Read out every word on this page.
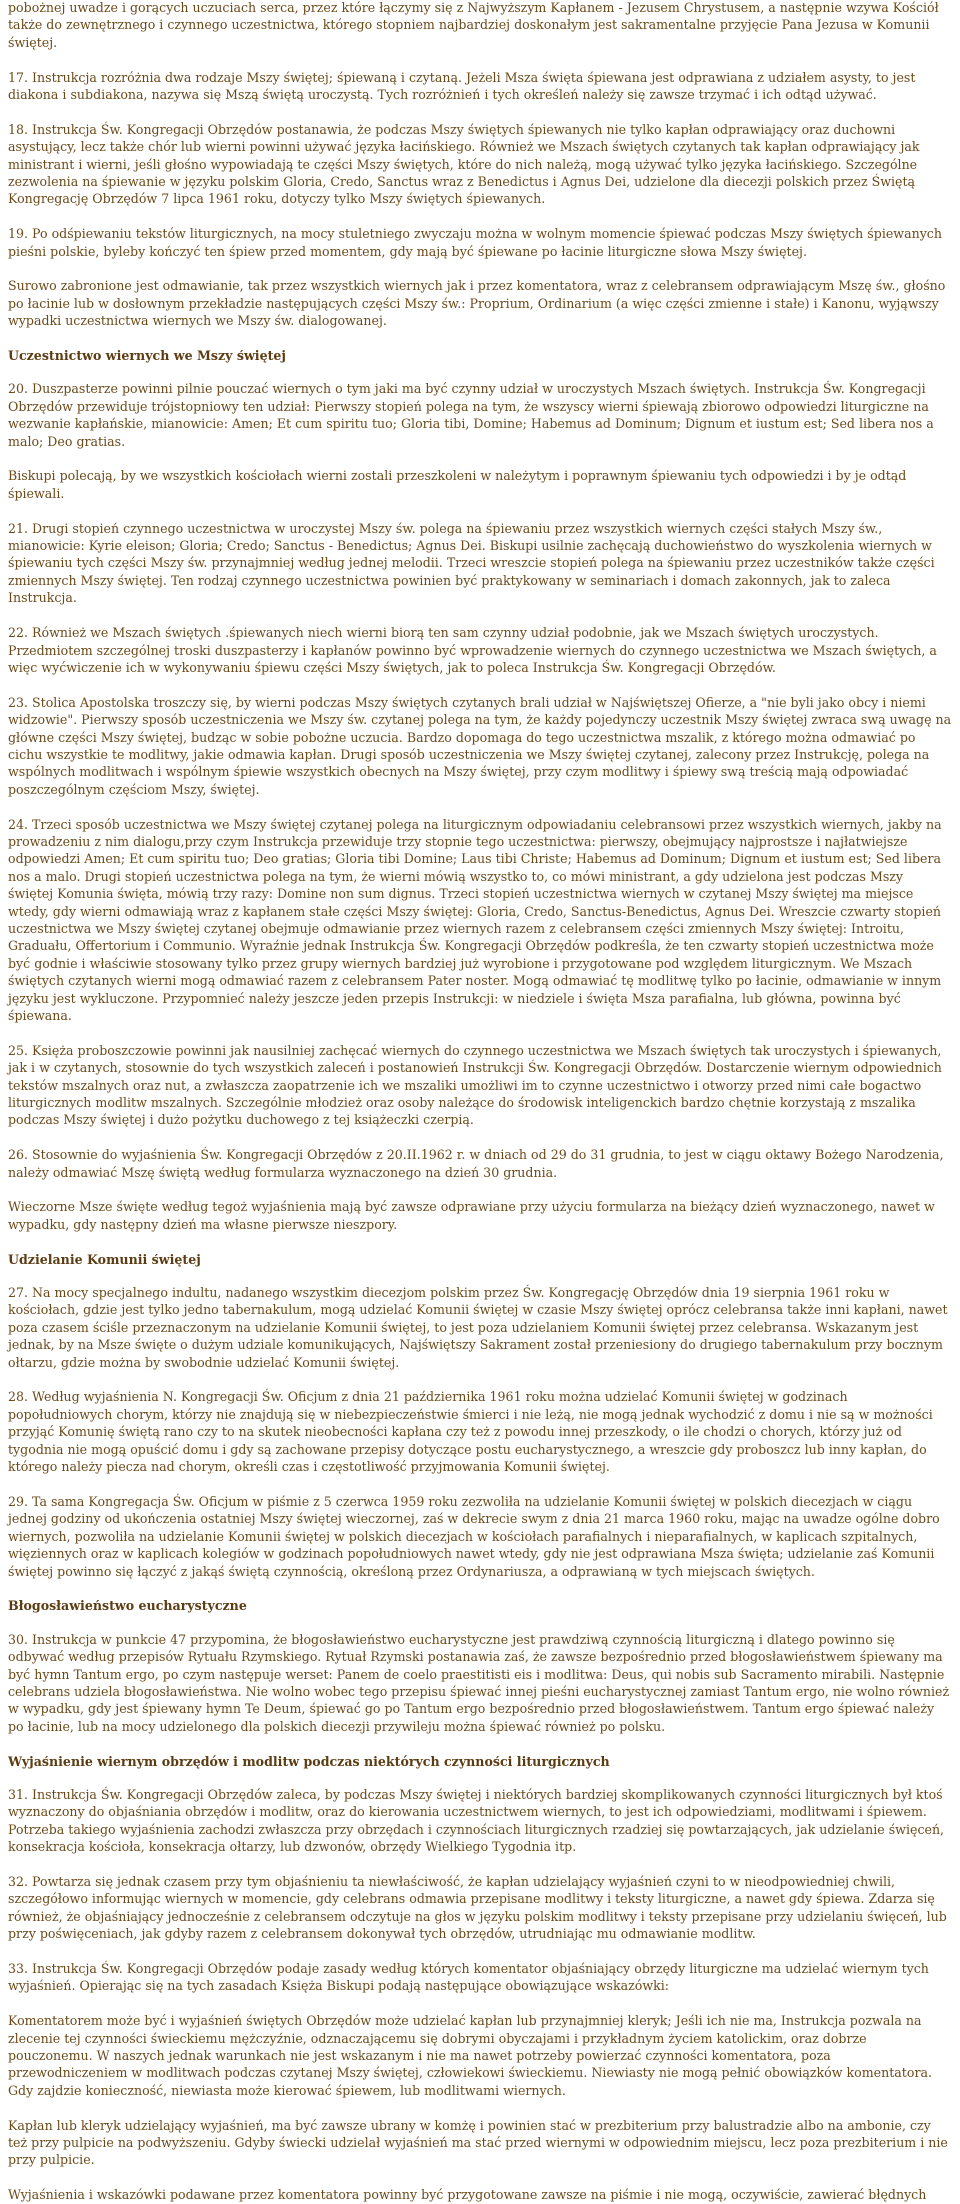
pobożnej uwadze i gorących uczuciach serca, przez które łączymy się z Najwyższym Kapłanem - Jezusem Chrystusem, a następnie wzywa Kościół także do zewnętrznego i czynnego uczestnictwa, którego stopniem najbardziej doskonałym jest sakramentalne przyjęcie Pana Jezusa w Komunii świętej.
17. Instrukcja rozróżnia dwa rodzaje Mszy świętej; śpiewaną i czytaną. Jeżeli Msza święta śpiewana jest odprawiana z udziałem asysty, to jest diakona i subdiakona, nazywa się Mszą świętą uroczystą. Tych rozróżnień i tych określeń należy się zawsze trzymać i ich odtąd używać.
18. Instrukcja Św. Kongregacji Obrzędów postanawia, że podczas Mszy świętych śpiewanych nie tylko kapłan odprawiający oraz duchowni asystujący, lecz także chór lub wierni powinni używać języka łacińskiego. Również we Mszach świętych czytanych tak kapłan odprawiający jak ministrant i wierni, jeśli głośno wypowiadają te części Mszy świętych, które do nich należą, mogą używać tylko języka łacińskiego. Szczególne zezwolenia na śpiewanie w języku polskim Gloria, Credo, Sanctus wraz z Benedictus i Agnus Dei, udzielone dla diecezji polskich przez Świętą Kongregację Obrzędów 7 lipca 1961 roku, dotyczy tylko Mszy świętych śpiewanych.
19. Po odśpiewaniu tekstów liturgicznych, na mocy stuletniego zwyczaju można w wolnym momencie śpiewać podczas Mszy świętych śpiewanych pieśni polskie, byleby kończyć ten śpiew przed momentem, gdy mają być śpiewane po łacinie liturgiczne słowa Mszy świętej.
Surowo zabronione jest odmawianie, tak przez wszystkich wiernych jak i przez komentatora, wraz z celebransem odprawiającym Mszę św., głośno po łacinie lub w dosłownym przekładzie następujących części Mszy św.: Proprium, Ordinarium (a więc części zmienne i stałe) i Kanonu, wyjąwszy wypadki uczestnictwa wiernych we Mszy św. dialogowanej.
Uczestnictwo wiernych we Mszy świętej
20. Duszpasterze powinni pilnie pouczać wiernych o tym jaki ma być czynny udział w uroczystych Mszach świętych. Instrukcja Św. Kongregacji Obrzędów przewiduje trójstopniowy ten udział: Pierwszy stopień polega na tym, że wszyscy wierni śpiewają zbiorowo odpowiedzi liturgiczne na wezwanie kapłańskie, mianowicie: Amen; Et cum spiritu tuo; Gloria tibi, Domine; Habemus ad Dominum; Dignum et iustum est; Sed libera nos a malo; Deo gratias.
Biskupi polecają, by we wszystkich kościołach wierni zostali przeszkoleni w należytym i poprawnym śpiewaniu tych odpowiedzi i by je odtąd śpiewali.
21. Drugi stopień czynnego uczestnictwa w uroczystej Mszy św. polega na śpiewaniu przez wszystkich wiernych części stałych Mszy św., mianowicie: Kyrie eleison; Gloria; Credo; Sanctus - Benedictus; Agnus Dei. Biskupi usilnie zachęcają duchowieństwo do wyszkolenia wiernych w śpiewaniu tych części Mszy św. przynajmniej według jednej melodii. Trzeci wreszcie stopień polega na śpiewaniu przez uczestników także części zmiennych Mszy świętej. Ten rodzaj czynnego uczestnictwa powinien być praktykowany w seminariach i domach zakonnych, jak to zaleca Instrukcja.
22. Również we Mszach świętych .śpiewanych niech wierni biorą ten sam czynny udział podobnie, jak we Mszach świętych uroczystych. Przedmiotem szczególnej troski duszpasterzy i kapłanów powinno być wprowadzenie wiernych do czynnego uczestnictwa we Mszach świętych, a więc wyćwiczenie ich w wykonywaniu śpiewu części Mszy świętych, jak to poleca Instrukcja Św. Kongregacji Obrzędów.
23. Stolica Apostolska troszczy się, by wierni podczas Mszy świętych czytanych brali udział w Najświętszej Ofierze, a "nie byli jako obcy i niemi widzowie". Pierwszy sposób uczestniczenia we Mszy św. czytanej polega na tym, że każdy pojedynczy uczestnik Mszy świętej zwraca swą uwagę na główne części Mszy świętej, budząc w sobie pobożne uczucia. Bardzo dopomaga do tego uczestnictwa mszalik, z którego można odmawiać po cichu wszystkie te modlitwy, jakie odmawia kapłan. Drugi sposób uczestniczenia we Mszy świętej czytanej, zalecony przez Instrukcję, polega na wspólnych modlitwach i wspólnym śpiewie wszystkich obecnych na Mszy świętej, przy czym modlitwy i śpiewy swą treścią mają odpowiadać poszczególnym częściom Mszy, świętej.
24. Trzeci sposób uczestnictwa we Mszy świętej czytanej polega na liturgicznym odpowiadaniu celebransowi przez wszystkich wiernych, jakby na prowadzeniu z nim dialogu,przy czym Instrukcja przewiduje trzy stopnie tego uczestnictwa: pierwszy, obejmujący najprostsze i najłatwiejsze odpowiedzi Amen; Et cum spiritu tuo; Deo gratias; Gloria tibi Domine; Laus tibi Christe; Habemus ad Dominum; Dignum et iustum est; Sed libera nos a malo. Drugi stopień uczestnictwa polega na tym, że wierni mówią wszystko to, co mówi ministrant, a gdy udzielona jest podczas Mszy świętej Komunia święta, mówią trzy razy: Domine non sum dignus. Trzeci stopień uczestnictwa wiernych w czytanej Mszy świętej ma miejsce wtedy, gdy wierni odmawiają wraz z kapłanem stałe części Mszy świętej: Gloria, Credo, Sanctus-Benedictus, Agnus Dei. Wreszcie czwarty stopień uczestnictwa we Mszy świętej czytanej obejmuje odmawianie przez wiernych razem z celebransem części zmiennych Mszy świętej: Introitu, Graduału, Offertorium i Communio. Wyraźnie jednak Instrukcja Św. Kongregacji Obrzędów podkreśla, że ten czwarty stopień uczestnictwa może być godnie i właściwie stosowany tylko przez grupy wiernych bardziej już wyrobione i przygotowane pod względem liturgicznym. We Mszach świętych czytanych wierni mogą odmawiać razem z celebransem Pater noster. Mogą odmawiać tę modlitwę tylko po łacinie, odmawianie w innym języku jest wykluczone. Przypomnieć należy jeszcze jeden przepis Instrukcji: w niedziele i święta Msza parafialna, lub główna, powinna być śpiewana.
25. Księża proboszczowie powinni jak nausilniej zachęcać wiernych do czynnego uczestnictwa we Mszach świętych tak uroczystych i śpiewanych, jak i w czytanych, stosownie do tych wszystkich zaleceń i postanowień Instrukcji Św. Kongregacji Obrzędów. Dostarczenie wiernym odpowiednich tekstów mszalnych oraz nut, a zwłaszcza zaopatrzenie ich we mszaliki umożliwi im to czynne uczestnictwo i otworzy przed nimi całe bogactwo liturgicznych modlitw mszalnych. Szczególnie młodzież oraz osoby należące do środowisk inteligenckich bardzo chętnie korzystają z mszalika podczas Mszy świętej i dużo pożytku duchowego z tej książeczki czerpią.
26. Stosownie do wyjaśnienia Św. Kongregacji Obrzędów z 20.II.1962 r. w dniach od 29 do 31 grudnia, to jest w ciągu oktawy Bożego Narodzenia, należy odmawiać Mszę świętą według formularza wyznaczonego na dzień 30 grudnia.
Wieczorne Msze święte według tegoż wyjaśnienia mają być zawsze odprawiane przy użyciu formularza na bieżący dzień wyznaczonego, nawet w wypadku, gdy następny dzień ma własne pierwsze nieszpory.
Udzielanie Komunii świętej
27. Na mocy specjalnego indultu, nadanego wszystkim diecezjom polskim przez Św. Kongregację Obrzędów dnia 19 sierpnia 1961 roku w kościołach, gdzie jest tylko jedno tabernakulum, mogą udzielać Komunii świętej w czasie Mszy świętej oprócz celebransa także inni kapłani, nawet poza czasem ściśle przeznaczonym na udzielanie Komunii świętej, to jest poza udzielaniem Komunii świętej przez celebransa. Wskazanym jest jednak, by na Msze święte o dużym udziale komunikujących, Najświętszy Sakrament został przeniesiony do drugiego tabernakulum przy bocznym ołtarzu, gdzie można by swobodnie udzielać Komunii świętej.
28. Według wyjaśnienia N. Kongregacji Św. Oficjum z dnia 21 października 1961 roku można udzielać Komunii świętej w godzinach popołudniowych chorym, którzy nie znajdują się w niebezpieczeństwie śmierci i nie leżą, nie mogą jednak wychodzić z domu i nie są w możności przyjąć Komunię świętą rano czy to na skutek nieobecności kapłana czy też z powodu innej przeszkody, o ile chodzi o chorych, którzy już od tygodnia nie mogą opuścić domu i gdy są zachowane przepisy dotyczące postu eucharystycznego, a wreszcie gdy proboszcz lub inny kapłan, do którego należy piecza nad chorym, określi czas i częstotliwość przyjmowania Komunii świętej.
29. Ta sama Kongregacja Św. Oficjum w piśmie z 5 czerwca 1959 roku zezwoliła na udzielanie Komunii świętej w polskich diecezjach w ciągu jednej godziny od ukończenia ostatniej Mszy świętej wieczornej, zaś w dekrecie swym z dnia 21 marca 1960 roku, mając na uwadze ogólne dobro wiernych, pozwoliła na udzielanie Komunii świętej w polskich diecezjach w kościołach parafialnych i nieparafialnych, w kaplicach szpitalnych, więziennych oraz w kaplicach kolegiów w godzinach popołudniowych nawet wtedy, gdy nie jest odprawiana Msza święta; udzielanie zaś Komunii świętej powinno się łączyć z jakąś świętą czynnością, określoną przez Ordynariusza, a odprawianą w tych miejscach świętych.
Błogosławieństwo eucharystyczne
30. Instrukcja w punkcie 47 przypomina, że błogosławieństwo eucharystyczne jest prawdziwą czynnością liturgiczną i dlatego powinno się odbywać według przepisów Rytuału Rzymskiego. Rytuał Rzymski postanawia zaś, że zawsze bezpośrednio przed błogosławieństwem śpiewany ma być hymn Tantum ergo, po czym następuje werset: Panem de coelo praestitisti eis i modlitwa: Deus, qui nobis sub Sacramento mirabili. Następnie celebrans udziela błogosławieństwa. Nie wolno wobec tego przepisu śpiewać innej pieśni eucharystycznej zamiast Tantum ergo, nie wolno również w wypadku, gdy jest śpiewany hymn Te Deum, śpiewać go po Tantum ergo bezpośrednio przed błogosławieństwem. Tantum ergo śpiewać należy po łacinie, lub na mocy udzielonego dla polskich diecezji przywileju można śpiewać również po polsku.
Wyjaśnienie wiernym obrzędów i modlitw podczas niektórych czynności liturgicznych
31. Instrukcja Św. Kongregacji Obrzędów zaleca, by podczas Mszy świętej i niektórych bardziej skomplikowanych czynności liturgicznych był ktoś wyznaczony do objaśniania obrzędów i modlitw, oraz do kierowania uczestnictwem wiernych, to jest ich odpowiedziami, modlitwami i śpiewem. Potrzeba takiego wyjaśnienia zachodzi zwłaszcza przy obrzędach i czynnościach liturgicznych rzadziej się powtarzających, jak udzielanie święceń, konsekracja kościoła, konsekracja ołtarzy, lub dzwonów, obrzędy Wielkiego Tygodnia itp.
32. Powtarza się jednak czasem przy tym objaśnieniu ta niewłaściwość, że kapłan udzielający wyjaśnień czyni to w nieodpowiedniej chwili, szczegółowo informując wiernych w momencie, gdy celebrans odmawia przepisane modlitwy i teksty liturgiczne, a nawet gdy śpiewa. Zdarza się również, że objaśniający jednocześnie z celebransem odczytuje na głos w języku polskim modlitwy i teksty przepisane przy udzielaniu święceń, lub przy poświęceniach, jak gdyby razem z celebransem dokonywał tych obrzędów, utrudniając mu odmawianie modlitw.
33. Instrukcja Św. Kongregacji Obrzędów podaje zasady według których komentator objaśniający obrzędy liturgiczne ma udzielać wiernym tych wyjaśnień. Opierając się na tych zasadach Księża Biskupi podają następujące obowiązujące wskazówki:
Komentatorem może być i wyjaśnień świętych Obrzędów może udzielać kapłan lub przynajmniej kleryk; Jeśli ich nie ma, Instrukcja pozwala na zlecenie tej czynności świeckiemu mężczyźnie, odznaczającemu się dobrymi obyczajami i przykładnym życiem katolickim, oraz dobrze pouczonemu. W naszych jednak warunkach nie jest wskazanym i nie ma nawet potrzeby powierzać czynności komentatora, poza przewodniczeniem w modlitwach podczas czytanej Mszy świętej, człowiekowi świeckiemu. Niewiasty nie mogą pełnić obowiązków komentatora. Gdy zajdzie konieczność, niewiasta może kierować śpiewem, lub modlitwami wiernych.
Kapłan lub kleryk udzielający wyjaśnień, ma być zawsze ubrany w komżę i powinien stać w prezbiterium przy balustradzie albo na ambonie, czy też przy pulpicie na podwyższeniu. Gdyby świecki udzielał wyjaśnień ma stać przed wiernymi w odpowiednim miejscu, lecz poza prezbiterium i nie przy pulpicie.
Wyjaśnienia i wskazówki podawane przez komentatora powinny być przygotowane zawsze na piśmie i nie mogą, oczywiście, zawierać błędnych
